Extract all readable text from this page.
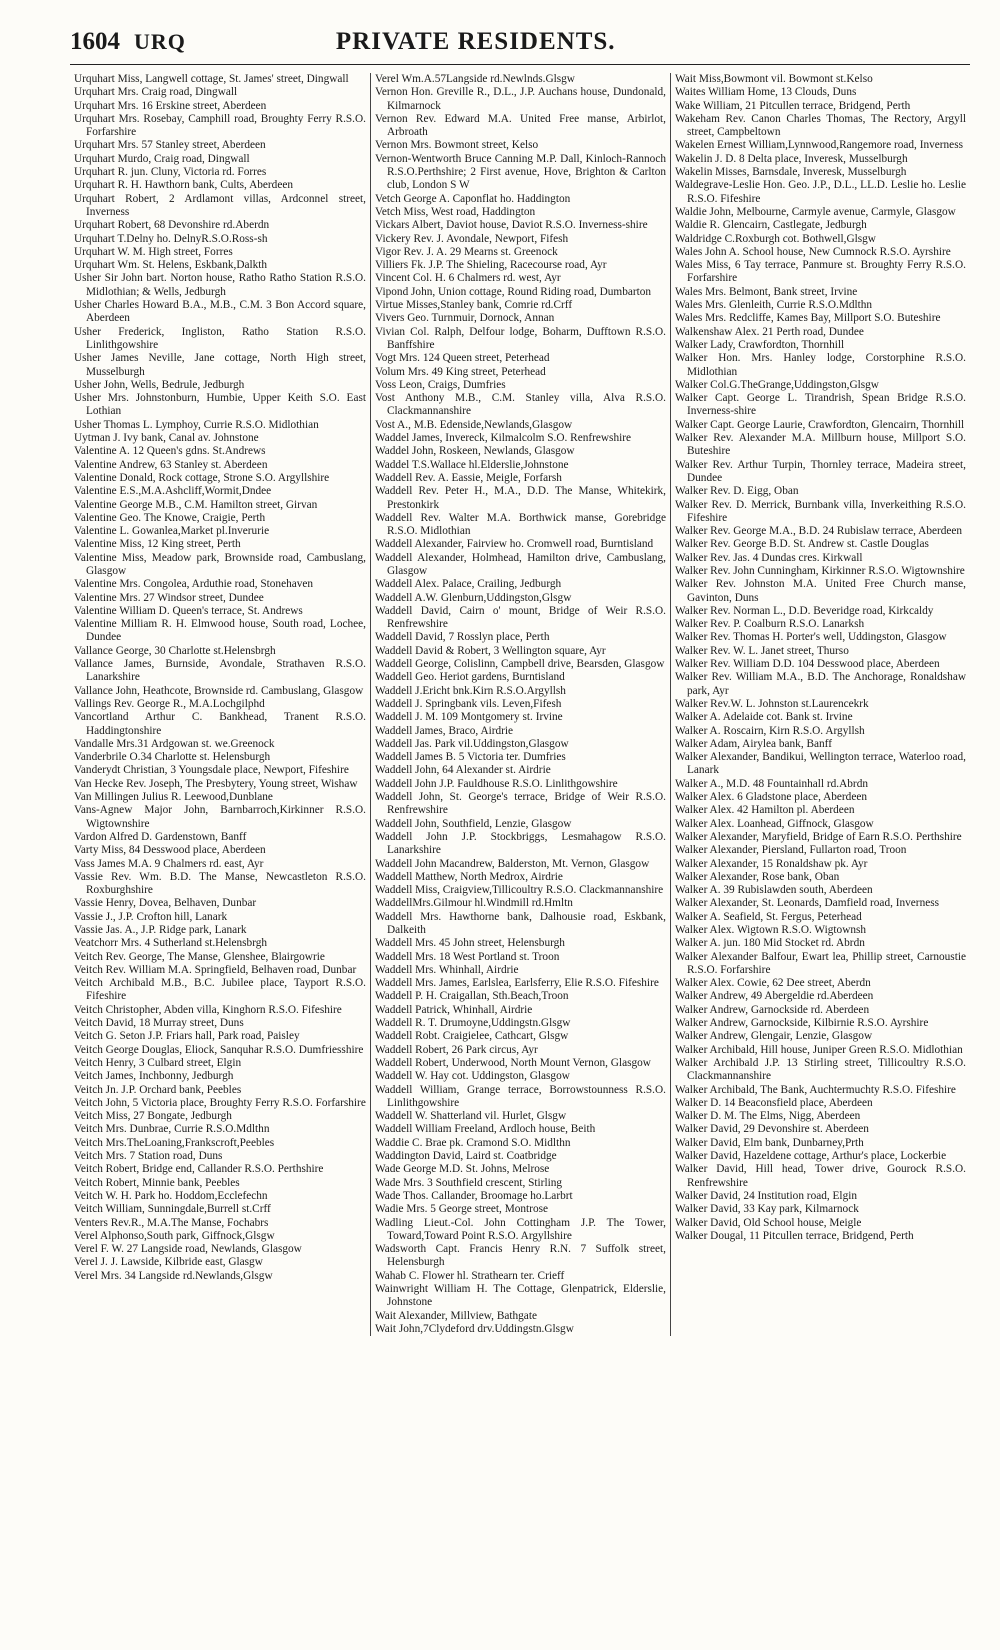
1604 URQ	PRIVATE RESIDENTS.

Urquhart Miss, Langwell cottage, St. James' street, Dingwall

Urquhart Mrs. Craig road, Dingwall

Urquhart Mrs. 16 Erskine street, Aberdeen

Urquhart Mrs. Rosebay, Camphill road, Broughty Ferry R.S.O. Forfarshire

Urquhart Mrs. 57 Stanley street, Aberdeen

Urquhart Murdo, Craig road, Dingwall

Urquhart R. jun. Cluny, Victoria rd. Forres

Urquhart R. H. Hawthorn bank, Cults, Aberdeen

Urquhart Robert, 2 Ardlamont villas, Ardconnel street, Inverness

Urquhart Robert, 68 Devonshire rd.Aberdn

Urquhart T.Delny ho. DelnyR.S.O.Ross-sh

Urquhart W. M. High street, Forres

Urquhart Wm. St. Helens, Eskbank,Dalkth

Usher Sir John bart. Norton house, Ratho Ratho Station R.S.O. Midlothian; & Wells, Jedburgh

Usher Charles Howard B.A., M.B., C.M. 3 Bon Accord square, Aberdeen

Usher Frederick, Ingliston, Ratho Station R.S.O. Linlithgowshire

Usher James Neville, Jane cottage, North High street, Musselburgh

Usher John, Wells, Bedrule, Jedburgh

Usher Mrs. Johnstonburn, Humbie, Upper Keith S.O. East Lothian

Usher Thomas L. Lymphoy, Currie R.S.O. Midlothian

Uytman J. Ivy bank, Canal av. Johnstone

Valentine A. 12 Queen's gdns. St.Andrews

Valentine Andrew, 63 Stanley st. Aberdeen

Valentine Donald, Rock cottage, Strone S.O. Argyllshire

Valentine E.S.,M.A.Ashcliff,Wormit,Dndee

Valentine George M.B., C.M. Hamilton street, Girvan

Valentine Geo. The Knowe, Craigie, Perth

Valentine L. Gowanlea,Market pl.Inverurie

Valentine Miss, 12 King street, Perth

Valentine Miss, Meadow park, Brownside road, Cambuslang, Glasgow

Valentine Mrs. Congolea, Arduthie road, Stonehaven

Valentine Mrs. 27 Windsor street, Dundee

Valentine William D. Queen's terrace, St. Andrews

Valentine Milliam R. H. Elmwood house, South road, Lochee, Dundee

Vallance George, 30 Charlotte st.Helensbrgh

Vallance James, Burnside, Avondale, Strathaven R.S.O. Lanarkshire

Vallance John, Heathcote, Brownside rd. Cambuslang, Glasgow

Vallings Rev. George R., M.A.Lochgilphd

Vancortland Arthur C. Bankhead, Tranent R.S.O. Haddingtonshire

Vandalle Mrs.31 Ardgowan st. we.Greenock

Vanderbrile O.34 Charlotte st. Helensburgh

Vanderydt Christian, 3 Youngsdale place, Newport, Fifeshire

Van Hecke Rev. Joseph, The Presbytery, Young street, Wishaw

Van Millingen Julius R. Leewood,Dunblane

Vans-Agnew Major John, Barnbarroch,Kirkinner R.S.O. Wigtownshire

Vardon Alfred D. Gardenstown, Banff

Varty Miss, 84 Desswood place, Aberdeen

Vass James M.A. 9 Chalmers rd. east, Ayr

Vassie Rev. Wm. B.D. The Manse, Newcastleton R.S.O. Roxburghshire

Vassie Henry, Dovea, Belhaven, Dunbar

Vassie J., J.P. Crofton hill, Lanark

Vassie Jas. A., J.P. Ridge park, Lanark

Veatchorr Mrs. 4 Sutherland st.Helensbrgh

Veitch Rev. George, The Manse, Glenshee, Blairgowrie

Veitch Rev. William M.A. Springfield, Belhaven road, Dunbar

Veitch Archibald M.B., B.C. Jubilee place, Tayport R.S.O. Fifeshire

Veitch Christopher, Abden villa, Kinghorn R.S.O. Fifeshire

Veitch David, 18 Murray street, Duns

Veitch G. Seton J.P. Friars hall, Park road, Paisley

Veitch George Douglas, Eliock, Sanquhar R.S.O. Dumfriesshire

Veitch Henry, 3 Culbard street, Elgin

Veitch James, Inchbonny, Jedburgh

Veitch Jn. J.P. Orchard bank, Peebles

Veitch John, 5 Victoria place, Broughty Ferry R.S.O. Forfarshire

Veitch Miss, 27 Bongate, Jedburgh

Veitch Mrs. Dunbrae, Currie R.S.O.Mdlthn

Veitch Mrs.TheLoaning,Frankscroft,Peebles

Veitch Mrs. 7 Station road, Duns

Veitch Robert, Bridge end, Callander R.S.O. Perthshire

Veitch Robert, Minnie bank, Peebles

Veitch W. H. Park ho. Hoddom,Ecclefechn

Veitch William, Sunningdale,Burrell st.Crff

Venters Rev.R., M.A.The Manse, Fochabrs

Verel Alphonso,South park, Giffnock,Glsgw

Verel F. W. 27 Langside road, Newlands, Glasgow

Verel J. J. Lawside, Kilbride east, Glasgw

Verel Mrs. 34 Langside rd.Newlands,Glsgw

Verel Wm.A.57Langside rd.Newlnds.Glsgw

Vernon Hon. Greville R., D.L., J.P. Auchans house, Dundonald, Kilmarnock

Vernon Rev. Edward M.A. United Free manse, Arbirlot, Arbroath

Vernon Mrs. Bowmont street, Kelso

Vernon-Wentworth Bruce Canning M.P. Dall, Kinloch-Rannoch R.S.O.Perthshire; 2 First avenue, Hove, Brighton & Carlton club, London S W

Vetch George A. Caponflat ho. Haddington

Vetch Miss, West road, Haddington

Vickars Albert, Daviot house, Daviot R.S.O. Inverness-shire

Vickery Rev. J. Avondale, Newport, Fifesh

Vigor Rev. J. A. 29 Mearns st. Greenock

Villiers Fk. J.P. The Shieling, Racecourse road, Ayr

Vincent Col. H. 6 Chalmers rd. west, Ayr

Vipond John, Union cottage, Round Riding road, Dumbarton

Virtue Misses,Stanley bank, Comrie rd.Crff

Vivers Geo. Turnmuir, Dornock, Annan

Vivian Col. Ralph, Delfour lodge, Boharm, Dufftown R.S.O. Banffshire

Vogt Mrs. 124 Queen street, Peterhead

Volum Mrs. 49 King street, Peterhead

Voss Leon, Craigs, Dumfries

Vost Anthony M.B., C.M. Stanley villa, Alva R.S.O. Clackmannanshire

Vost A., M.B. Edenside,Newlands,Glasgow

Waddel James, Invereck, Kilmalcolm S.O. Renfrewshire

Waddel John, Roskeen, Newlands, Glasgow

Waddel T.S.Wallace hl.Elderslie,Johnstone

Waddell Rev. A. Eassie, Meigle, Forfarsh

Waddell Rev. Peter H., M.A., D.D. The Manse, Whitekirk, Prestonkirk

Waddell Rev. Walter M.A. Borthwick manse, Gorebridge R.S.O. Midlothian

Waddell Alexander, Fairview ho. Cromwell road, Burntisland

Waddell Alexander, Holmhead, Hamilton drive, Cambuslang, Glasgow

Waddell Alex. Palace, Crailing, Jedburgh

Waddell A.W. Glenburn,Uddingston,Glsgw

Waddell David, Cairn o' mount, Bridge of Weir R.S.O. Renfrewshire

Waddell David, 7 Rosslyn place, Perth

Waddell David & Robert, 3 Wellington square, Ayr

Waddell George, Colislinn, Campbell drive, Bearsden, Glasgow

Waddell Geo. Heriot gardens, Burntisland

Waddell J.Ericht bnk.Kirn R.S.O.Argyllsh

Waddell J. Springbank vils. Leven,Fifesh

Waddell J. M. 109 Montgomery st. Irvine

Waddell James, Braco, Airdrie

Waddell Jas. Park vil.Uddingston,Glasgow

Waddell James B. 5 Victoria ter. Dumfries

Waddell John, 64 Alexander st. Airdrie

Waddell John J.P. Fauldhouse R.S.O. Linlithgowshire

Waddell John, St. George's terrace, Bridge of Weir R.S.O. Renfrewshire

Waddell John, Southfield, Lenzie, Glasgow

Waddell John J.P. Stockbriggs, Lesmahagow R.S.O. Lanarkshire

Waddell John Macandrew, Balderston, Mt. Vernon, Glasgow

Waddell Matthew, North Medrox, Airdrie

Waddell Miss, Craigview,Tillicoultry R.S.O. Clackmannanshire

WaddellMrs.Gilmour hl.Windmill rd.Hmltn

Waddell Mrs. Hawthorne bank, Dalhousie road, Eskbank, Dalkeith

Waddell Mrs. 45 John street, Helensburgh

Waddell Mrs. 18 West Portland st. Troon

Waddell Mrs. Whinhall, Airdrie

Waddell Mrs. James, Earlslea, Earlsferry, Elie R.S.O. Fifeshire

Waddell P. H. Craigallan, Sth.Beach,Troon

Waddell Patrick, Whinhall, Airdrie

Waddell R. T. Drumoyne,Uddingstn.Glsgw

Waddell Robt. Craigielee, Cathcart, Glsgw

Waddell Robert, 26 Park circus, Ayr

Waddell Robert, Underwood, North Mount Vernon, Glasgow

Waddell W. Hay cot. Uddingston, Glasgow

Waddell William, Grange terrace, Borrowstounness R.S.O. Linlithgowshire

Waddell W. Shatterland vil. Hurlet, Glsgw

Waddell William Freeland, Ardloch house, Beith

Waddie C. Brae pk. Cramond S.O. Midlthn

Waddington David, Laird st. Coatbridge

Wade George M.D. St. Johns, Melrose

Wade Mrs. 3 Southfield crescent, Stirling

Wade Thos. Callander, Broomage ho.Larbrt

Wadie Mrs. 5 George street, Montrose

Wadling Lieut.-Col. John Cottingham J.P. The Tower, Toward,Toward Point R.S.O. Argyllshire

Wadsworth Capt. Francis Henry R.N. 7 Suffolk street, Helensburgh

Wahab C. Flower hl. Strathearn ter. Crieff

Wainwright William H. The Cottage, Glenpatrick, Elderslie, Johnstone

Wait Alexander, Millview, Bathgate

Wait John,7Clydeford drv.Uddingstn.Glsgw

Wait Miss,Bowmont vil. Bowmont st.Kelso

Waites William Home, 13 Clouds, Duns

Wake William, 21 Pitcullen terrace, Bridgend, Perth

Wakeham Rev. Canon Charles Thomas, The Rectory, Argyll street, Campbeltown

Wakelen Ernest William,Lynnwood,Rangemore road, Inverness

Wakelin J. D. 8 Delta place, Inveresk, Musselburgh

Wakelin Misses, Barnsdale, Inveresk, Musselburgh

Waldegrave-Leslie Hon. Geo. J.P., D.L., LL.D. Leslie ho. Leslie R.S.O. Fifeshire

Waldie John, Melbourne, Carmyle avenue, Carmyle, Glasgow

Waldie R. Glencairn, Castlegate, Jedburgh

Waldridge C.Roxburgh cot. Bothwell,Glsgw

Wales John A. School house, New Cumnock R.S.O. Ayrshire

Wales Miss, 6 Tay terrace, Panmure st. Broughty Ferry R.S.O. Forfarshire

Wales Mrs. Belmont, Bank street, Irvine

Wales Mrs. Glenleith, Currie R.S.O.Mdlthn

Wales Mrs. Redcliffe, Kames Bay, Millport S.O. Buteshire

Walkenshaw Alex. 21 Perth road, Dundee

Walker Lady, Crawfordton, Thornhill

Walker Hon. Mrs. Hanley lodge, Corstorphine R.S.O. Midlothian

Walker Col.G.TheGrange,Uddingston,Glsgw

Walker Capt. George L. Tirandrish, Spean Bridge R.S.O. Inverness-shire

Walker Capt. George Laurie, Crawfordton, Glencairn, Thornhill

Walker Rev. Alexander M.A. Millburn house, Millport S.O. Buteshire

Walker Rev. Arthur Turpin, Thornley terrace, Madeira street, Dundee

Walker Rev. D. Eigg, Oban

Walker Rev. D. Merrick, Burnbank villa, Inverkeithing R.S.O. Fifeshire

Walker Rev. George M.A., B.D. 24 Rubislaw terrace, Aberdeen

Walker Rev. George B.D. St. Andrew st. Castle Douglas

Walker Rev. Jas. 4 Dundas cres. Kirkwall

Walker Rev. John Cunningham, Kirkinner R.S.O. Wigtownshire

Walker Rev. Johnston M.A. United Free Church manse, Gavinton, Duns

Walker Rev. Norman L., D.D. Beveridge road, Kirkcaldy

Walker Rev. P. Coalburn R.S.O. Lanarksh

Walker Rev. Thomas H. Porter's well, Uddingston, Glasgow

Walker Rev. W. L. Janet street, Thurso

Walker Rev. William D.D. 104 Desswood place, Aberdeen

Walker Rev. William M.A., B.D. The Anchorage, Ronaldshaw park, Ayr

Walker Rev.W. L. Johnston st.Laurencekrk

Walker A. Adelaide cot. Bank st. Irvine

Walker A. Roscairn, Kirn R.S.O. Argyllsh

Walker Adam, Airylea bank, Banff

Walker Alexander, Bandikui, Wellington terrace, Waterloo road, Lanark

Walker A., M.D. 48 Fountainhall rd.Abrdn

Walker Alex. 6 Gladstone place, Aberdeen

Walker Alex. 42 Hamilton pl. Aberdeen

Walker Alex. Loanhead, Giffnock, Glasgow

Walker Alexander, Maryfield, Bridge of Earn R.S.O. Perthshire

Walker Alexander, Piersland, Fullarton road, Troon

Walker Alexander, 15 Ronaldshaw pk. Ayr

Walker Alexander, Rose bank, Oban

Walker A. 39 Rubislawden south, Aberdeen

Walker Alexander, St. Leonards, Damfield road, Inverness

Walker A. Seafield, St. Fergus, Peterhead

Walker Alex. Wigtown R.S.O. Wigtownsh

Walker A. jun. 180 Mid Stocket rd. Abrdn

Walker Alexander Balfour, Ewart lea, Phillip street, Carnoustie R.S.O. Forfarshire

Walker Alex. Cowie, 62 Dee street, Aberdn

Walker Andrew, 49 Abergeldie rd.Aberdeen

Walker Andrew, Garnockside rd. Aberdeen

Walker Andrew, Garnockside, Kilbirnie R.S.O. Ayrshire

Walker Andrew, Glengair, Lenzie, Glasgow

Walker Archibald, Hill house, Juniper Green R.S.O. Midlothian

Walker Archibald J.P. 13 Stirling street, Tillicoultry R.S.O. Clackmannanshire

Walker Archibald, The Bank, Auchtermuchty R.S.O. Fifeshire

Walker D. 14 Beaconsfield place, Aberdeen

Walker D. M. The Elms, Nigg, Aberdeen

Walker David, 29 Devonshire st. Aberdeen

Walker David, Elm bank, Dunbarney,Prth

Walker David, Hazeldene cottage, Arthur's place, Lockerbie

Walker David, Hill head, Tower drive, Gourock R.S.O. Renfrewshire

Walker David, 24 Institution road, Elgin

Walker David, 33 Kay park, Kilmarnock

Walker David, Old School house, Meigle

Walker Dougal, 11 Pitcullen terrace, Bridgend, Perth
